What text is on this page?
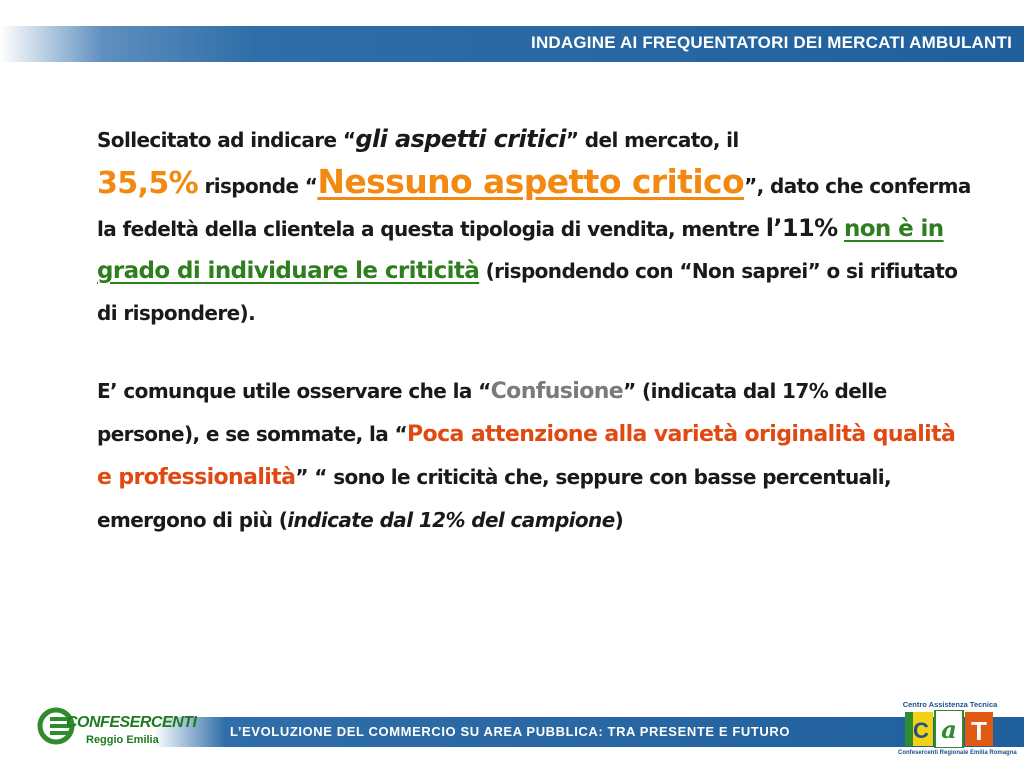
INDAGINE AI FREQUENTATORI DEI MERCATI AMBULANTI

Sollecitato ad indicare “gli aspetti critici” del mercato, il
35,5% risponde “Nessuno aspetto critico”, dato che conferma la fedeltà della clientela a questa tipologia di vendita, mentre l’11% non è in grado di individuare le criticità (rispondendo con “Non saprei” o si rifiutato di rispondere).

E’ comunque utile osservare che la “Confusione” (indicata dal 17% delle persone), e se sommate, la “Poca attenzione alla varietà originalità qualità e professionalità” “ sono le criticità che, seppure con basse percentuali, emergono di più (indicate dal 12% del campione)

L’EVOLUZIONE DEL COMMERCIO SU AREA PUBBLICA: TRA PRESENTE E FUTURO
CONFESERCENTI
Reggio Emilia
Centro Assistenza Tecnica
a T
C
Confesercenti Regionale Emilia Romagna
